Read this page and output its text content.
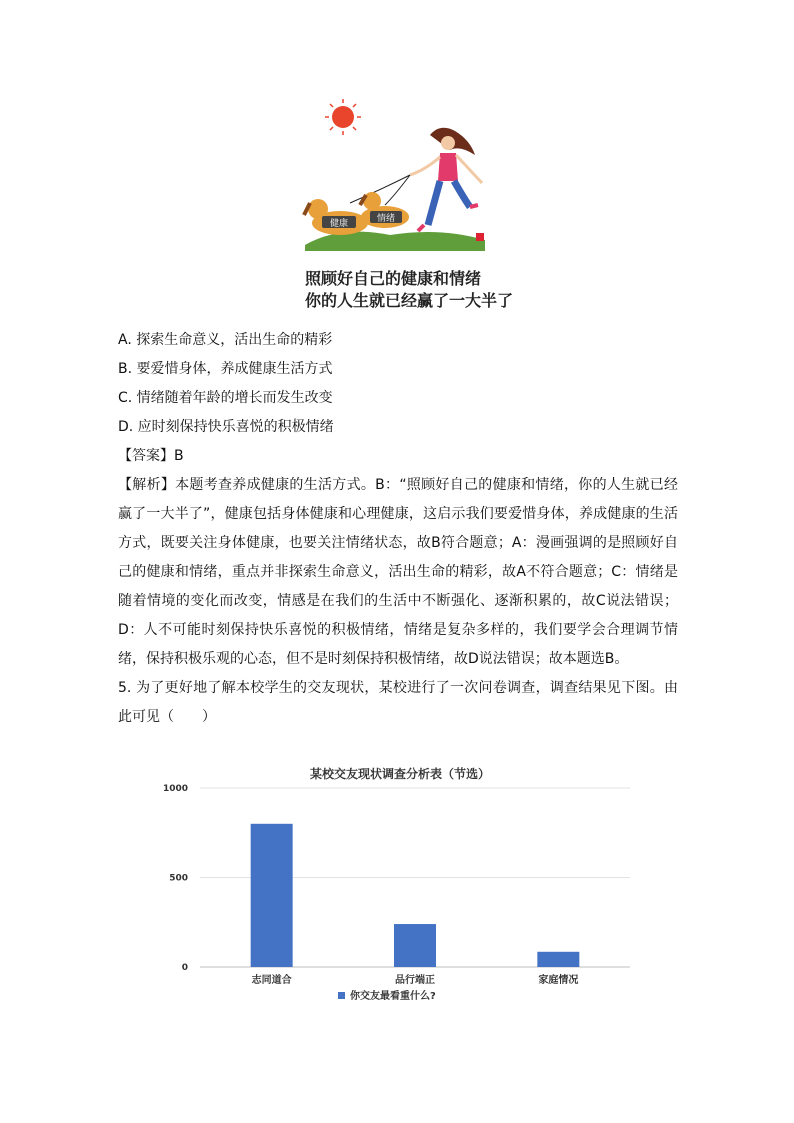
健康	情绪
照顾好自己的健康和情绪
你的人生就已经赢了一大半了
A. 探索生命意义，活出生命的精彩
B. 要爱惜身体，养成健康生活方式
C. 情绪随着年龄的增长而发生改变
D. 应时刻保持快乐喜悦的积极情绪
【答案】B
【解析】本题考查养成健康的生活方式。B：“照顾好自己的健康和情绪，你的人生就已经赢了一大半了”，健康包括身体健康和心理健康，这启示我们要爱惜身体，养成健康的生活方式，既要关注身体健康，也要关注情绪状态，故B符合题意；A：漫画强调的是照顾好自己的健康和情绪，重点并非探索生命意义，活出生命的精彩，故A不符合题意；C：情绪是随着情境的变化而改变，情感是在我们的生活中不断强化、逐渐积累的，故C说法错误；D：人不可能时刻保持快乐喜悦的积极情绪，情绪是复杂多样的，我们要学会合理调节情绪，保持积极乐观的心态，但不是时刻保持积极情绪，故D说法错误；故本题选B。
5. 为了更好地了解本校学生的交友现状，某校进行了一次问卷调查，调查结果见下图。由此可见（　　）
某校交友现状调查分析表（节选）
0
500
1000
志同道合	品行端正	家庭情况
你交友最看重什么?
